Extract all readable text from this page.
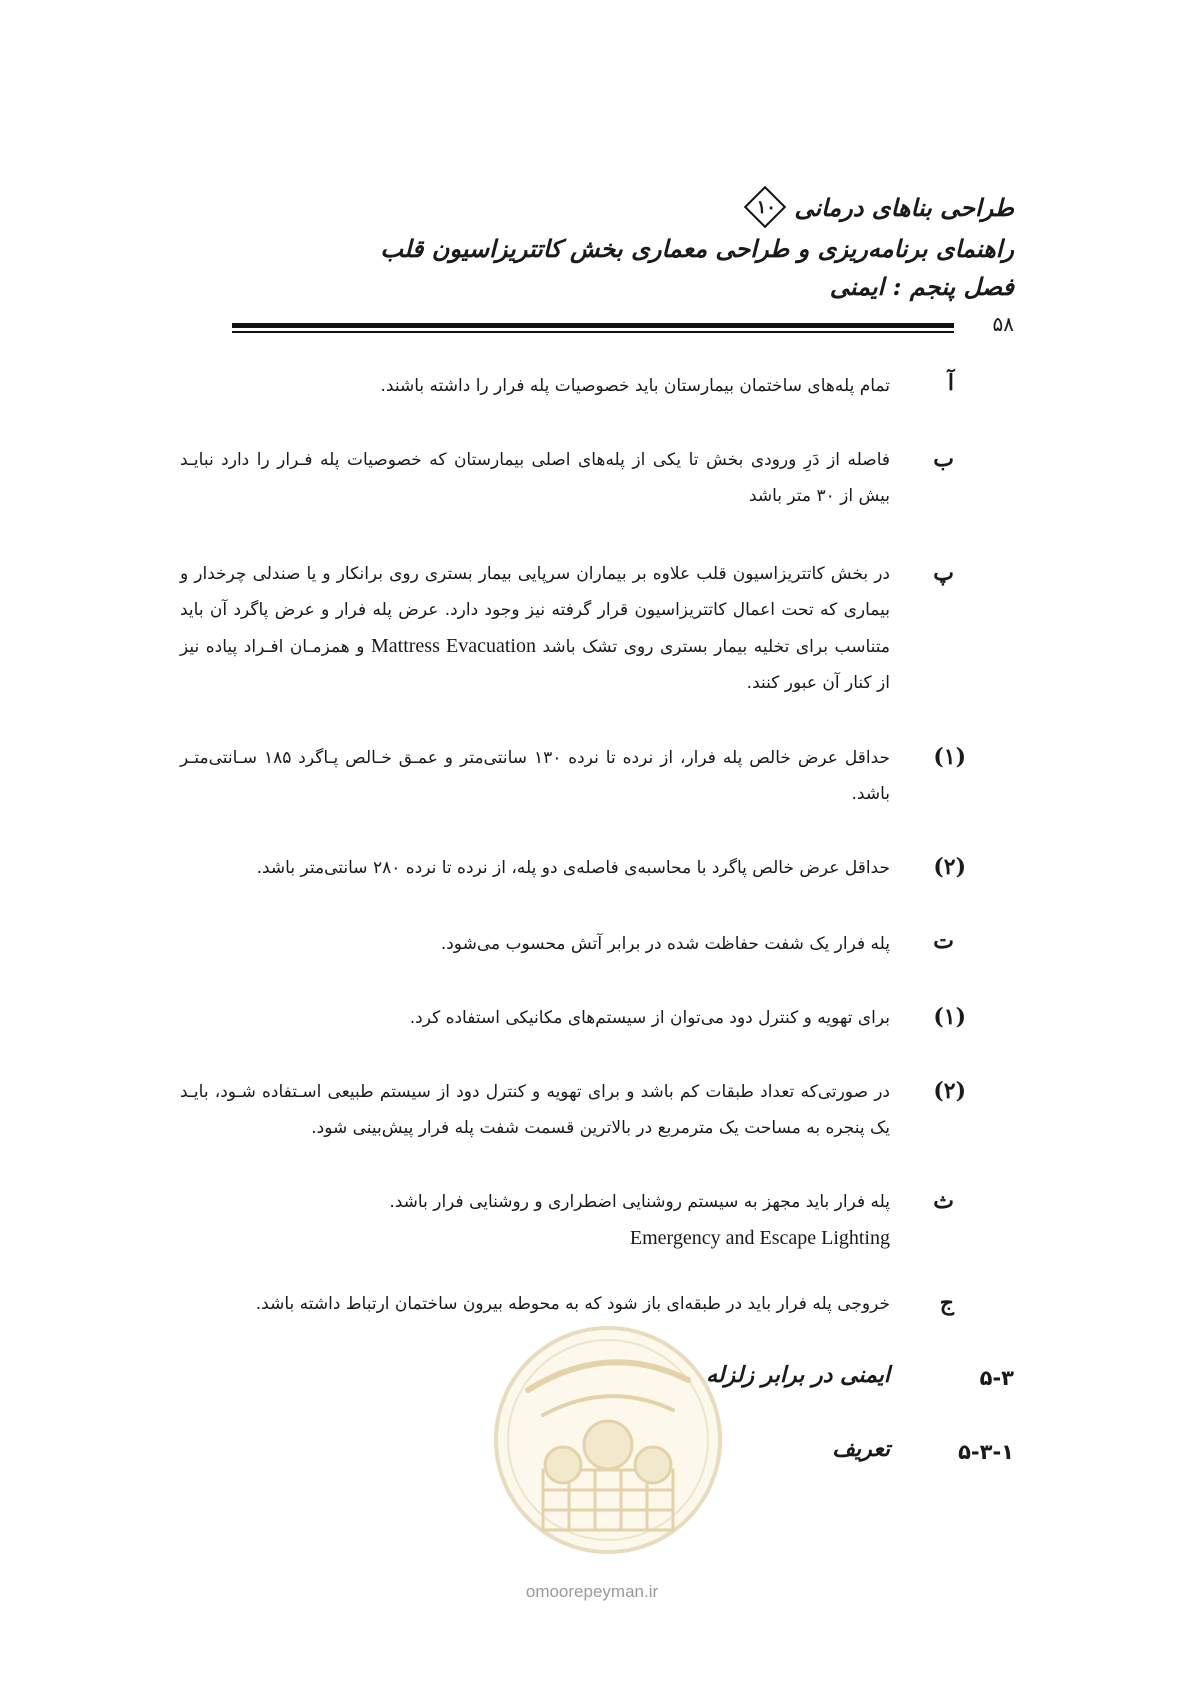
طراحی بناهای درمانی
۱۰
راهنمای برنامه‌ریزی و طراحی معماری بخش کاتتریزاسیون قلب
فصل پنجم : ایمنی
۵۸
آ
تمام پله‌های ساختمان بیمارستان باید خصوصیات پله فرار را داشته باشند.
ب
فاصله از دَرِ ورودی بخش تا یکی از پله‌های اصلی بیمارستان که خصوصیات پله فـرار را دارد نبایـد بیش از ۳۰ متر باشد
پ
در بخش کاتتریزاسیون قلب علاوه بر بیماران سرپایی بیمار بستری روی برانکار و یا صندلی چرخدار و بیماری که تحت اعمال کاتتریزاسیون قرار گرفته نیز وجود دارد. عرض پله فرار و عرض پاگرد آن باید متناسب برای تخلیه بیمار بستری روی تشک باشد Mattress Evacuation و همزمـان افـراد پیاده نیز از کنار آن عبور کنند.
(۱)
حداقل عرض خالص پله فرار، از نرده تا نرده ۱۳۰ سانتی‌متر و عمـق خـالص پـاگرد ۱۸۵ سـانتی‌متـر باشد.
(۲)
حداقل عرض خالص پاگرد با محاسبه‌ی فاصله‌ی دو پله، از نرده تا نرده ۲۸۰ سانتی‌متر باشد.
ت
پله فرار یک شفت حفاظت شده در برابر آتش محسوب می‌شود.
(۱)
برای تهویه و کنترل دود می‌توان از سیستم‌های مکانیکی استفاده کرد.
(۲)
در صورتی‌که تعداد طبقات کم باشد و برای تهویه و کنترل دود از سیستم طبیعی اسـتفاده شـود، بایـد یک پنجره به مساحت یک مترمربع در بالاترین قسمت شفت پله فرار پیش‌بینی شود.
ث
پله فرار باید مجهز به سیستم روشنایی اضطراری و روشنایی فرار باشد.
Emergency and Escape Lighting
ج
خروجی پله فرار باید در طبقه‌ای باز شود که به محوطه بیرون ساختمان ارتباط داشته باشد.
۵-۳
ایمنی در برابر زلزله
۵-۳-۱
تعریف
omoorepeyman.ir
